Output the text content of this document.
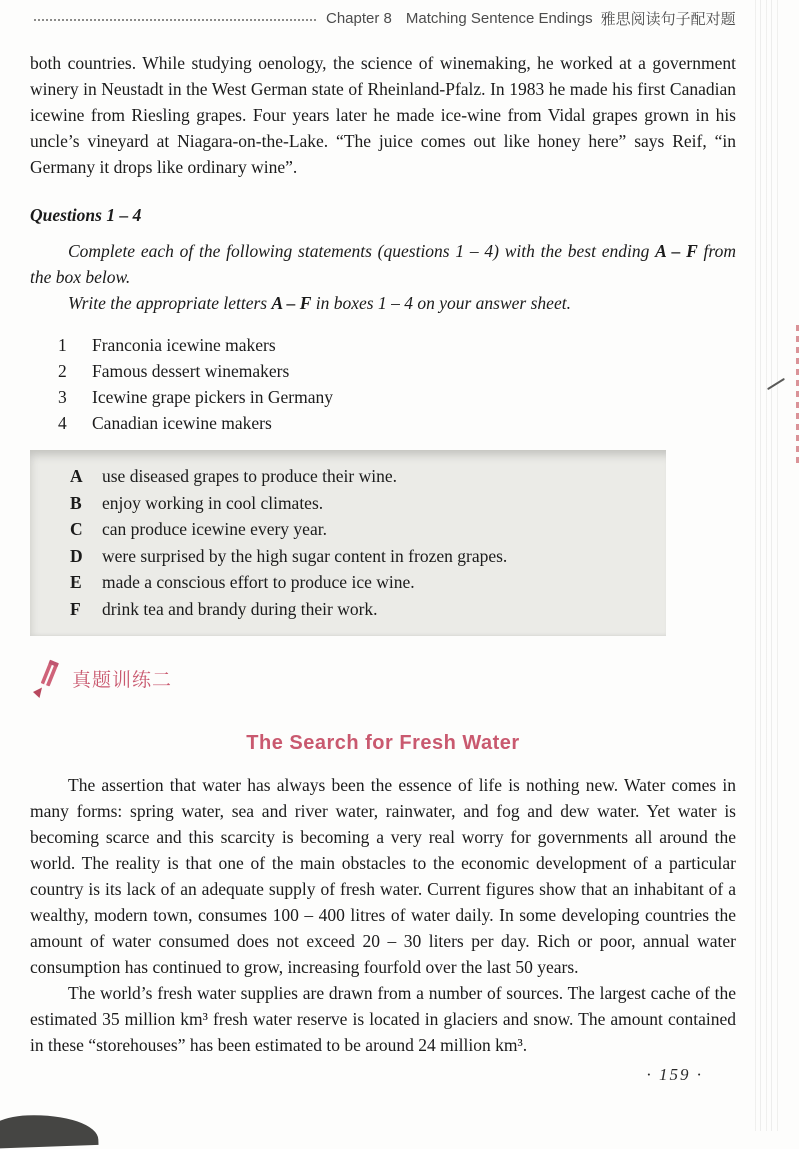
Chapter 8 Matching Sentence Endings 雅思阅读句子配对题

both countries. While studying oenology, the science of winemaking, he worked at a government winery in Neustadt in the West German state of Rheinland-Pfalz. In 1983 he made his first Canadian icewine from Riesling grapes. Four years later he made ice-wine from Vidal grapes grown in his uncle’s vineyard at Niagara-on-the-Lake. “The juice comes out like honey here” says Reif, “in Germany it drops like ordinary wine”.

Questions 1 – 4

Complete each of the following statements (questions 1 – 4) with the best ending A – F from the box below.

Write the appropriate letters A – F in boxes 1 – 4 on your answer sheet.

1	Franconia icewine makers
2	Famous dessert winemakers
3	Icewine grape pickers in Germany
4	Canadian icewine makers
A	use diseased grapes to produce their wine.
B	enjoy working in cool climates.
C	can produce icewine every year.
D	were surprised by the high sugar content in frozen grapes.
E	made a conscious effort to produce ice wine.
F	drink tea and brandy during their work.
真题训练二
The Search for Fresh Water

The assertion that water has always been the essence of life is nothing new. Water comes in many forms: spring water, sea and river water, rainwater, and fog and dew water. Yet water is becoming scarce and this scarcity is becoming a very real worry for governments all around the world. The reality is that one of the main obstacles to the economic development of a particular country is its lack of an adequate supply of fresh water. Current figures show that an inhabitant of a wealthy, modern town, consumes 100 – 400 litres of water daily. In some developing countries the amount of water consumed does not exceed 20 – 30 liters per day. Rich or poor, annual water consumption has continued to grow, increasing fourfold over the last 50 years.

The world’s fresh water supplies are drawn from a number of sources. The largest cache of the estimated 35 million km³ fresh water reserve is located in glaciers and snow. The amount contained in these “storehouses” has been estimated to be around 24 million km³.

· 159 ·
